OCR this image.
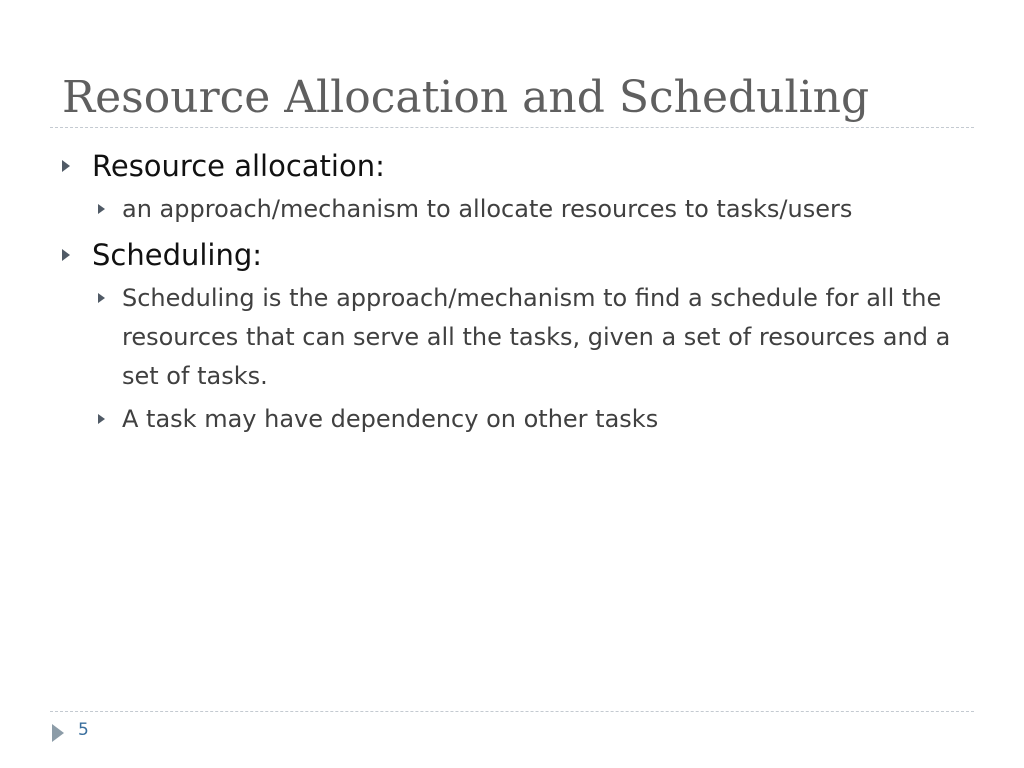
Resource Allocation and Scheduling
Resource allocation:
an approach/mechanism to allocate resources to tasks/users
Scheduling:
Scheduling is the approach/mechanism to find a schedule for all the resources that can serve all the tasks, given a set of resources and a set of tasks.
A task may have dependency on other tasks
5
